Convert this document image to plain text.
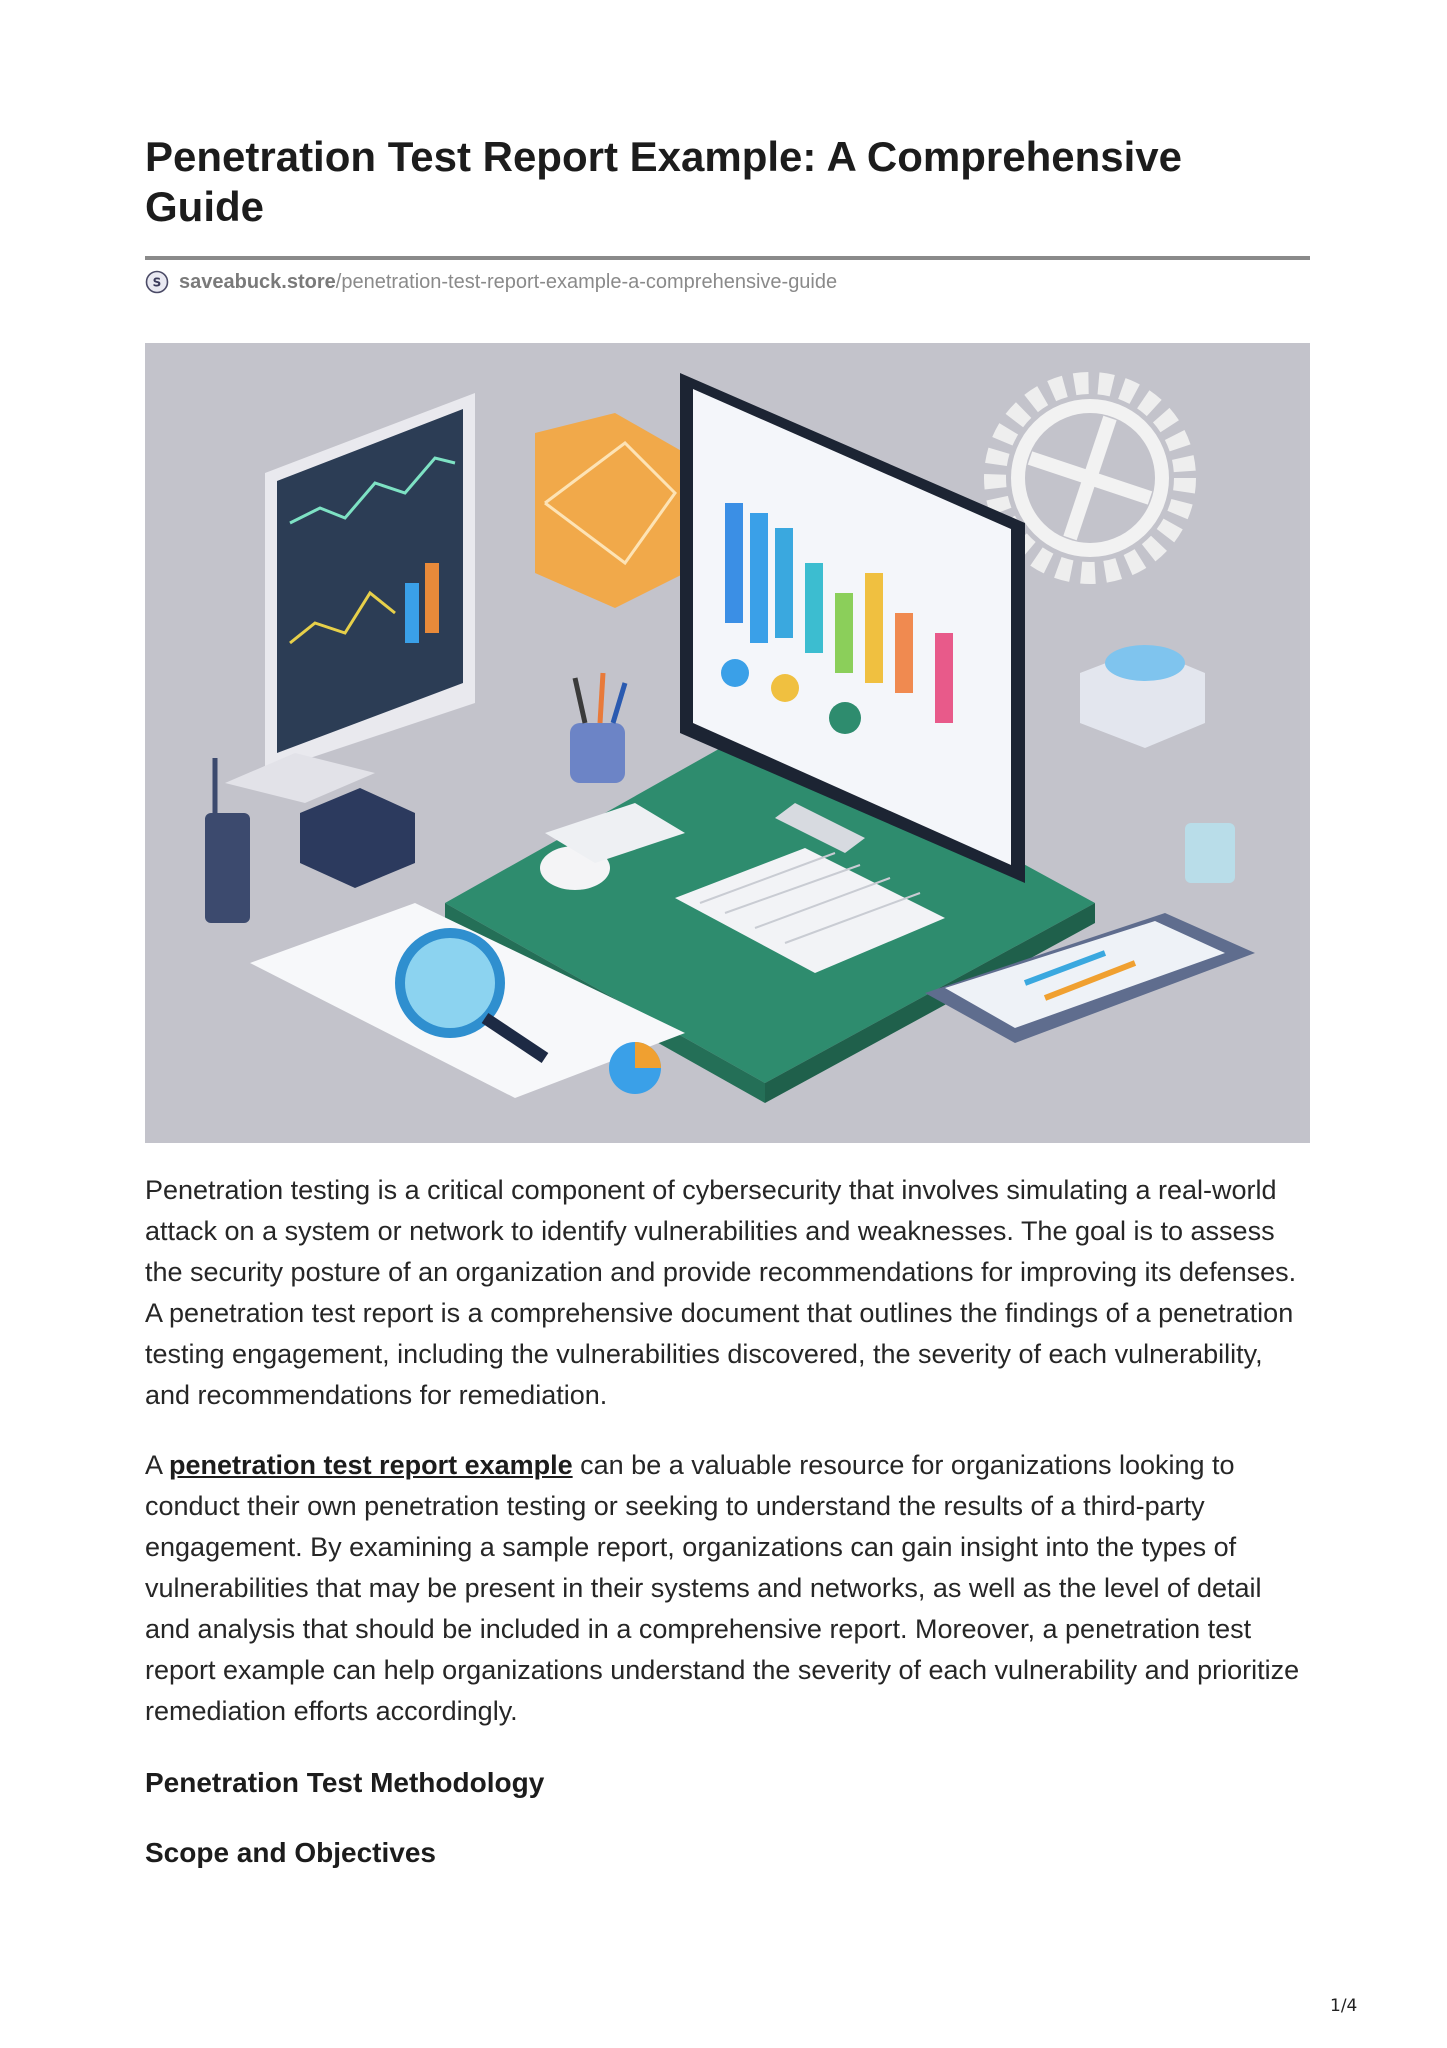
Penetration Test Report Example: A Comprehensive Guide
S saveabuck.store /penetration-test-report-example-a-comprehensive-guide

Penetration testing is a critical component of cybersecurity that involves simulating a real-world attack on a system or network to identify vulnerabilities and weaknesses. The goal is to assess the security posture of an organization and provide recommendations for improving its defenses. A penetration test report is a comprehensive document that outlines the findings of a penetration testing engagement, including the vulnerabilities discovered, the severity of each vulnerability, and recommendations for remediation.

A penetration test report example can be a valuable resource for organizations looking to conduct their own penetration testing or seeking to understand the results of a third-party engagement. By examining a sample report, organizations can gain insight into the types of vulnerabilities that may be present in their systems and networks, as well as the level of detail and analysis that should be included in a comprehensive report. Moreover, a penetration test report example can help organizations understand the severity of each vulnerability and prioritize remediation efforts accordingly.

Penetration Test Methodology
Scope and Objectives
1/4
